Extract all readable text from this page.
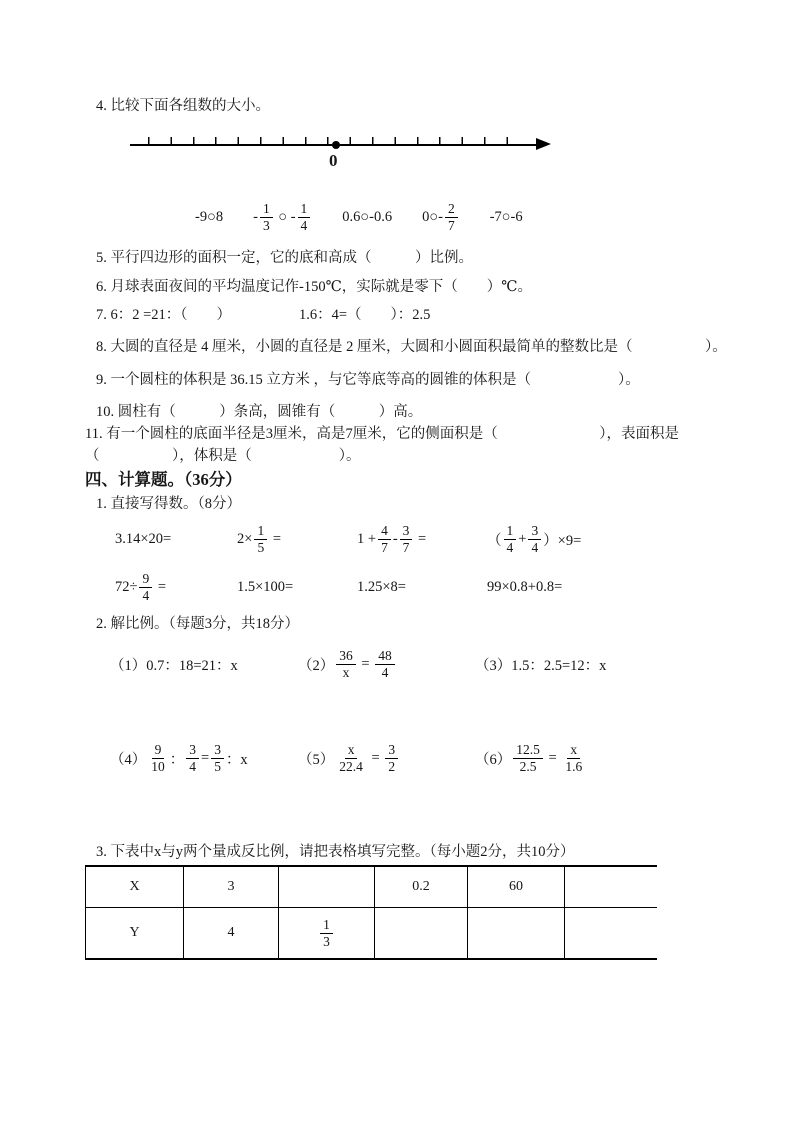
4. 比较下面各组数的大小。
0
-9○8 - $\frac{1}{3}$ ○ - $\frac{1}{4}$ 0.6○-0.6 0○- $\frac{2}{7}$ -7○-6
5. 平行四边形的面积一定，它的底和高成（　　　）比例。
6. 月球表面夜间的平均温度记作-150℃，实际就是零下（　　）℃。
7. 6：2 =21：（　　）	1.6：4=（　　）：2.5
8. 大圆的直径是 4 厘米，小圆的直径是 2 厘米，大圆和小圆面积最简单的整数比是（　　　　　）。
9. 一个圆柱的体积是 36.15 立方米 ，与它等底等高的圆锥的体积是（　　　　　　）。
10. 圆柱有（　　　）条高，圆锥有（　　　）高。
11. 有一个圆柱的底面半径是3厘米，高是7厘米，它的侧面积是（　　　　　　　），表面积是（　　　　　），体积是（　　　　　　）。
四、计算题。（36分）
1. 直接写得数。（8分）
3.14×20=	$2\times \frac{1}{5}$ =	$1 + \frac{4}{7} - \frac{3}{7}$ =	（ $\frac{1}{4} + \frac{3}{4} )\times 9=$
$72\div \frac{9}{4}$ =	1.5×100=	1.25×8=	99×0.8+0.8=
2. 解比例。（每题3分，共18分）
（1）0.7：18=21：x	$(2) \frac{36}{x} = \frac{48}{4}$	（3）1.5：2.5=12：x
$(4) \frac{9}{10}$ ： $\frac{3}{4} = \frac{3}{5}$ ：x	$(5) \frac{x}{22.4} = \frac{3}{2}$	$(6) \frac{12.5}{2.5} = \frac{x}{1.6}$
3. 下表中x与y两个量成反比例，请把表格填写完整。（每小题2分，共10分）
X	3		0.2	60	
Y	4	$\frac{1}{3}$
